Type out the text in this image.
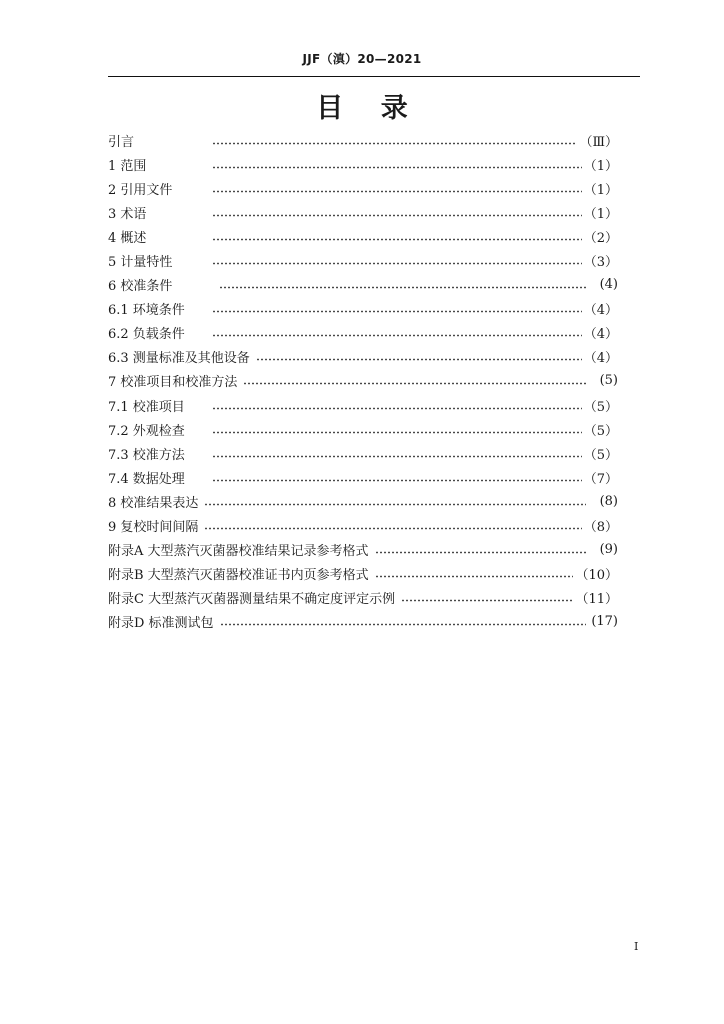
JJF（滇）20—2021
目 录
引言	（Ⅲ）
1 范围	（1）
2 引用文件	（1）
3 术语	（1）
4 概述	（2）
5 计量特性	（3）
6 校准条件	(4)
6.1 环境条件	（4）
6.2 负载条件	（4）
6.3 测量标准及其他设备	（4）
7 校准项目和校准方法	(5)
7.1 校准项目	（5）
7.2 外观检查	（5）
7.3 校准方法	（5）
7.4 数据处理	（7）
8 校准结果表达	(8)
9 复校时间间隔	（8）
附录A 大型蒸汽灭菌器校准结果记录参考格式	(9)
附录B 大型蒸汽灭菌器校准证书内页参考格式	（10）
附录C 大型蒸汽灭菌器测量结果不确定度评定示例	（11）
附录D 标准测试包	(17)
I
